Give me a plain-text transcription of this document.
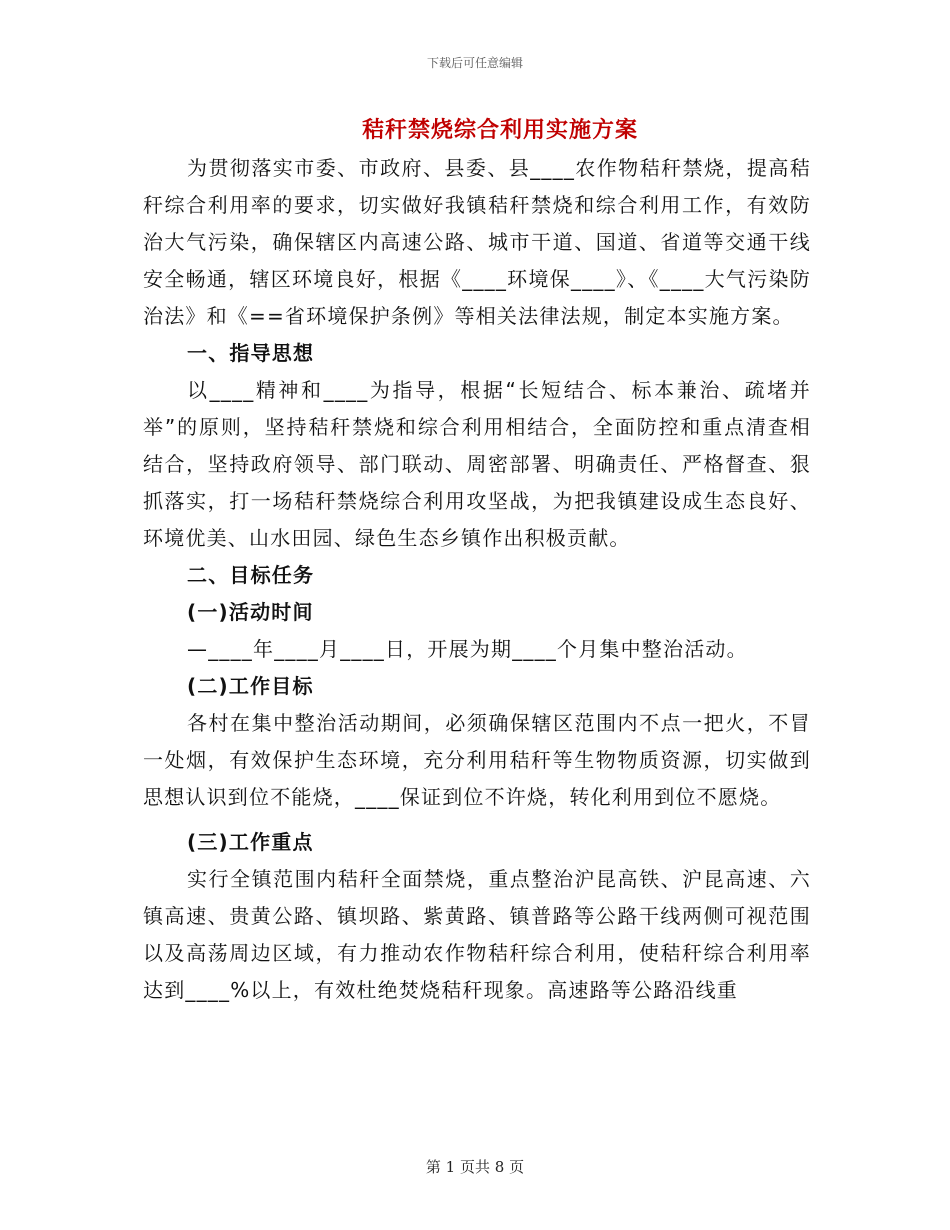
下载后可任意编辑
秸秆禁烧综合利用实施方案

为贯彻落实市委、市政府、县委、县____农作物秸秆禁烧，提高秸秆综合利用率的要求，切实做好我镇秸秆禁烧和综合利用工作，有效防治大气污染，确保辖区内高速公路、城市干道、国道、省道等交通干线安全畅通，辖区环境良好，根据《____环境保____》、《____大气污染防治法》和《==省环境保护条例》等相关法律法规，制定本实施方案。

一、指导思想

以____精神和____为指导，根据“长短结合、标本兼治、疏堵并举”的原则，坚持秸秆禁烧和综合利用相结合，全面防控和重点清查相结合，坚持政府领导、部门联动、周密部署、明确责任、严格督查、狠抓落实，打一场秸秆禁烧综合利用攻坚战，为把我镇建设成生态良好、环境优美、山水田园、绿色生态乡镇作出积极贡献。

二、目标任务

(一)活动时间

—____年____月____日，开展为期____个月集中整治活动。

(二)工作目标

各村在集中整治活动期间，必须确保辖区范围内不点一把火，不冒一处烟，有效保护生态环境，充分利用秸秆等生物物质资源，切实做到思想认识到位不能烧，____保证到位不许烧，转化利用到位不愿烧。

(三)工作重点

实行全镇范围内秸秆全面禁烧，重点整治沪昆高铁、沪昆高速、六镇高速、贵黄公路、镇坝路、紫黄路、镇普路等公路干线两侧可视范围以及高荡周边区域，有力推动农作物秸秆综合利用，使秸秆综合利用率达到____%以上，有效杜绝焚烧秸秆现象。高速路等公路沿线重

第 1 页共 8 页
